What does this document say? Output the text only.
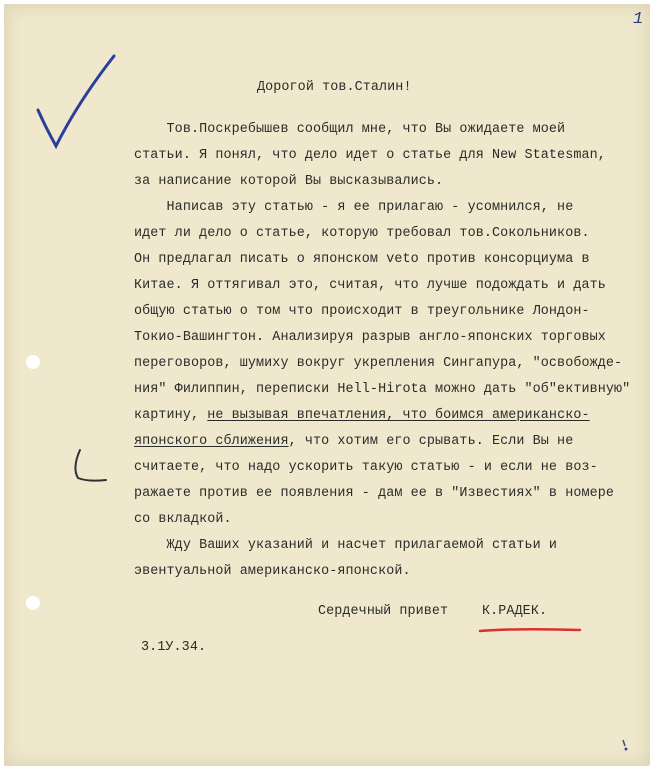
1
Дорогой тов.Сталин!
Тов.Поскребышев сообщил мне, что Вы ожидаете моей
статьи. Я понял, что дело идет о статье для New Statesman,
за написание которой Вы высказывались.
Написав эту статью - я ее прилагаю - усомнился, не
идет ли дело о статье, которую требовал тов.Сокольников.
Он предлагал писать о японском veto против консорциума в
Китае. Я оттягивал это, считая, что лучше подождать и дать
общую статью о том что происходит в треугольнике Лондон-
Токио-Вашингтон. Анализируя разрыв англо-японских торговых
переговоров, шумиху вокруг укрепления Сингапура, "освобожде-
ния" Филиппин, переписки Hell-Hirota можно дать "об"ективную"
картину, не вызывая впечатления, что боимся американско-
японского сближения, что хотим его срывать. Если Вы не
считаете, что надо ускорить такую статью - и если не воз-
ражаете против ее появления - дам ее в "Известиях" в номере
со вкладкой.
Жду Ваших указаний и насчет прилагаемой статьи и
эвентуальной американско-японской.
Сердечный привет	К.РАДЕК.
3.1У.34.
